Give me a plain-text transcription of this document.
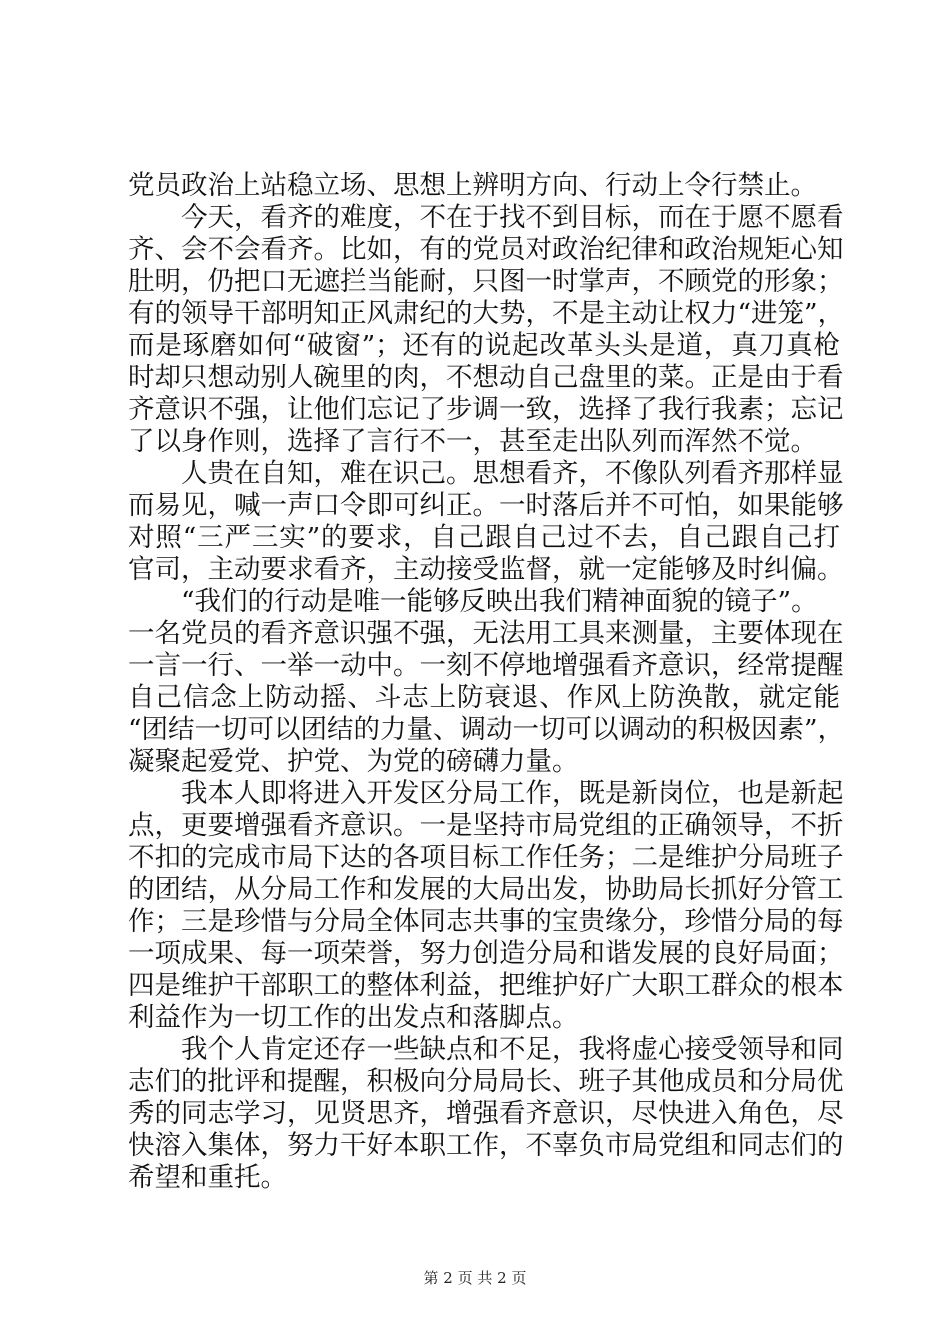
党员政治上站稳立场、思想上辨明方向、行动上令行禁止。
　　今天，看齐的难度，不在于找不到目标，而在于愿不愿看
齐、会不会看齐。比如，有的党员对政治纪律和政治规矩心知
肚明，仍把口无遮拦当能耐，只图一时掌声，不顾党的形象；
有的领导干部明知正风肃纪的大势，不是主动让权力“进笼”，
而是琢磨如何“破窗”；还有的说起改革头头是道，真刀真枪
时却只想动别人碗里的肉，不想动自己盘里的菜。正是由于看
齐意识不强，让他们忘记了步调一致，选择了我行我素；忘记
了以身作则，选择了言行不一，甚至走出队列而浑然不觉。
　　人贵在自知，难在识己。思想看齐，不像队列看齐那样显
而易见，喊一声口令即可纠正。一时落后并不可怕，如果能够
对照“三严三实”的要求，自己跟自己过不去，自己跟自己打
官司，主动要求看齐，主动接受监督，就一定能够及时纠偏。
　　“我们的行动是唯一能够反映出我们精神面貌的镜子”。
一名党员的看齐意识强不强，无法用工具来测量，主要体现在
一言一行、一举一动中。一刻不停地增强看齐意识，经常提醒
自己信念上防动摇、斗志上防衰退、作风上防涣散，就定能
“团结一切可以团结的力量、调动一切可以调动的积极因素”，
凝聚起爱党、护党、为党的磅礴力量。
　　我本人即将进入开发区分局工作，既是新岗位，也是新起
点，更要增强看齐意识。一是坚持市局党组的正确领导，不折
不扣的完成市局下达的各项目标工作任务；二是维护分局班子
的团结，从分局工作和发展的大局出发，协助局长抓好分管工
作；三是珍惜与分局全体同志共事的宝贵缘分，珍惜分局的每
一项成果、每一项荣誉，努力创造分局和谐发展的良好局面；
四是维护干部职工的整体利益，把维护好广大职工群众的根本
利益作为一切工作的出发点和落脚点。
　　我个人肯定还存一些缺点和不足，我将虚心接受领导和同
志们的批评和提醒，积极向分局局长、班子其他成员和分局优
秀的同志学习，见贤思齐，增强看齐意识，尽快进入角色，尽
快溶入集体，努力干好本职工作，不辜负市局党组和同志们的
希望和重托。
第 2 页 共 2 页
